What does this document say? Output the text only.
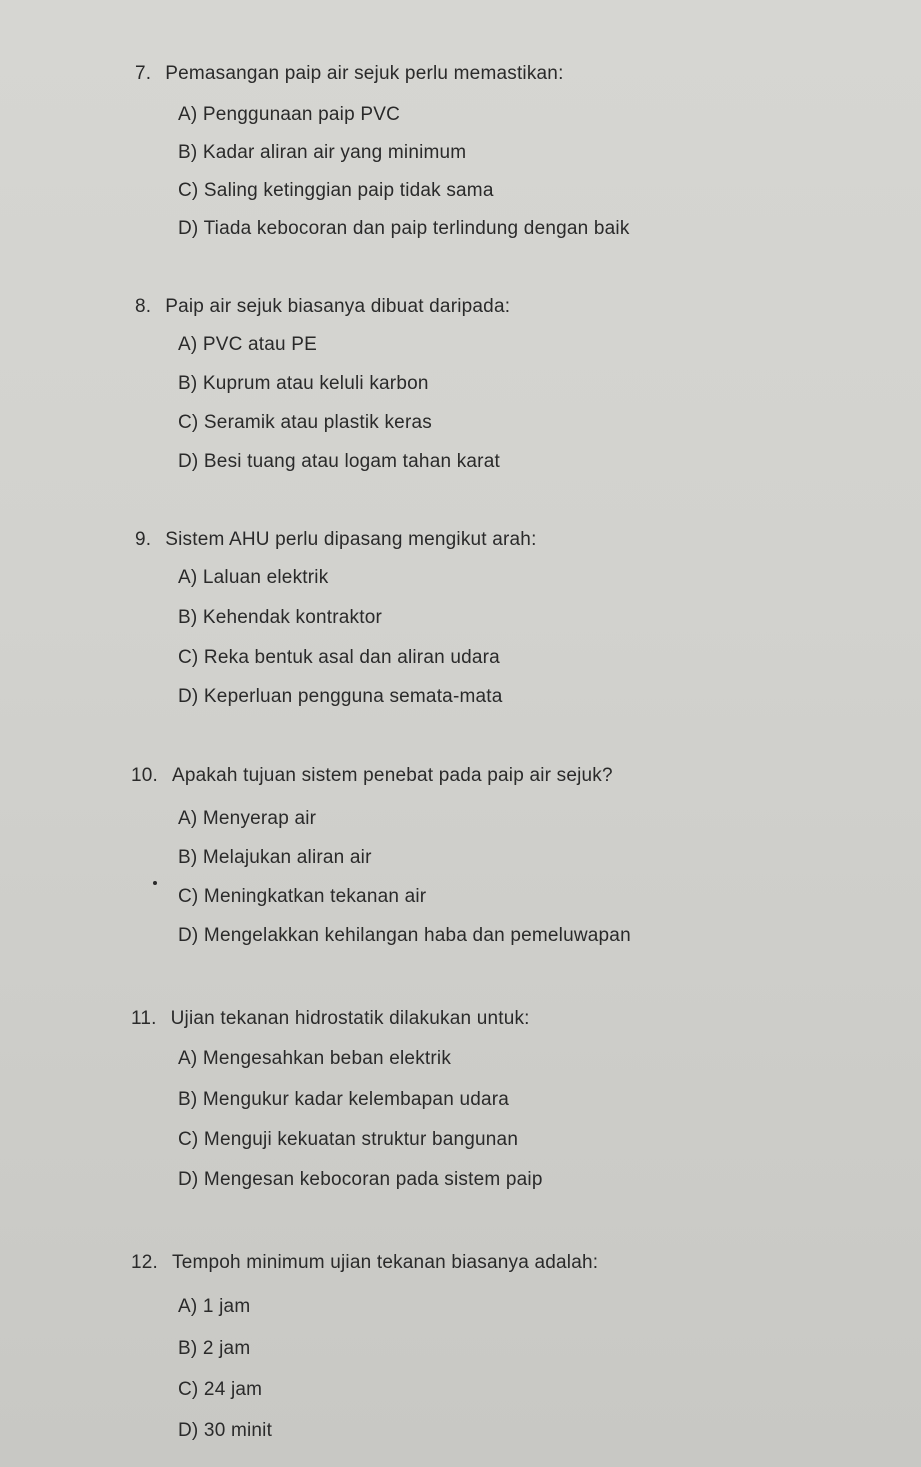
7. Pemasangan paip air sejuk perlu memastikan:
A) Penggunaan paip PVC
B) Kadar aliran air yang minimum
C) Saling ketinggian paip tidak sama
D) Tiada kebocoran dan paip terlindung dengan baik
8. Paip air sejuk biasanya dibuat daripada:
A) PVC atau PE
B) Kuprum atau keluli karbon
C) Seramik atau plastik keras
D) Besi tuang atau logam tahan karat
9. Sistem AHU perlu dipasang mengikut arah:
A) Laluan elektrik
B) Kehendak kontraktor
C) Reka bentuk asal dan aliran udara
D) Keperluan pengguna semata-mata
10. Apakah tujuan sistem penebat pada paip air sejuk?
A) Menyerap air
B) Melajukan aliran air
C) Meningkatkan tekanan air
D) Mengelakkan kehilangan haba dan pemeluwapan
11. Ujian tekanan hidrostatik dilakukan untuk:
A) Mengesahkan beban elektrik
B) Mengukur kadar kelembapan udara
C) Menguji kekuatan struktur bangunan
D) Mengesan kebocoran pada sistem paip
12. Tempoh minimum ujian tekanan biasanya adalah:
A) 1 jam
B) 2 jam
C) 24 jam
D) 30 minit
